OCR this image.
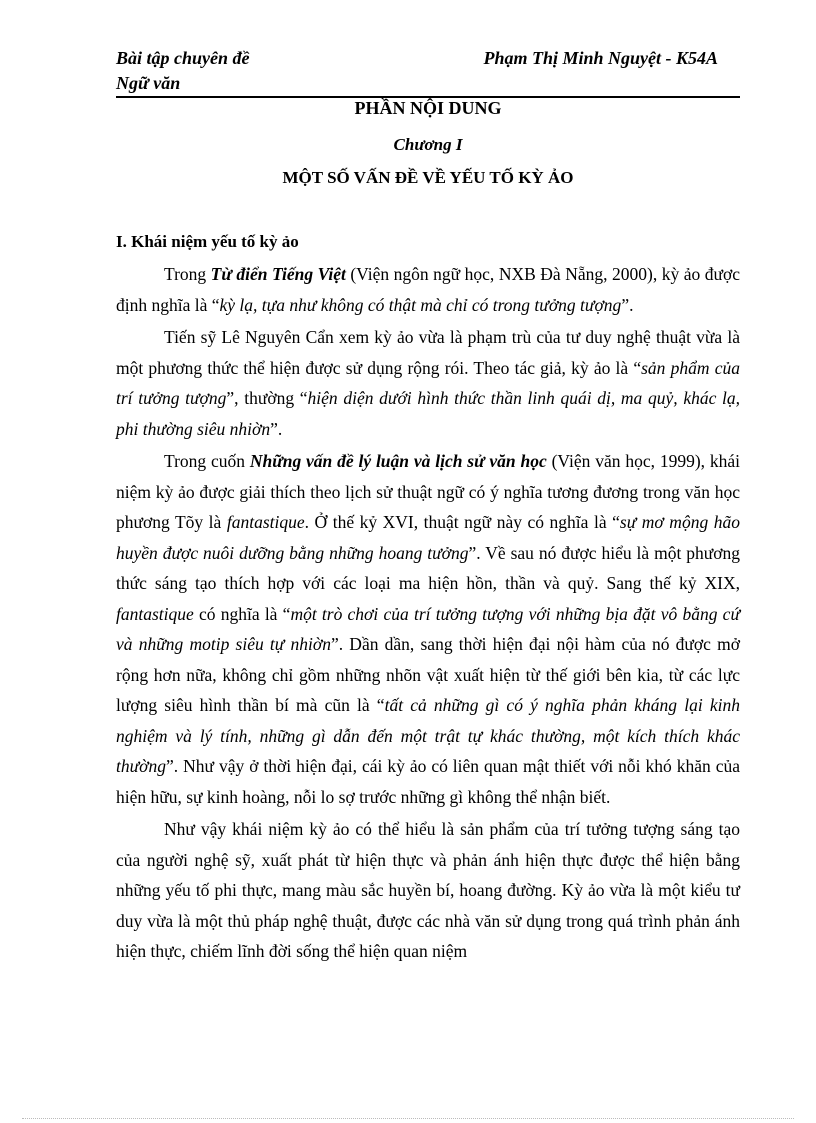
Bài tập chuyên đề
Ngữ văn
Phạm Thị Minh Nguyệt - K54A
PHẦN NỘI DUNG
Chương I
MỘT SỐ VẤN ĐỀ VỀ YẾU TỐ KỲ ẢO
I. Khái niệm yếu tố kỳ ảo

Trong Từ điển Tiếng Việt (Viện ngôn ngữ học, NXB Đà Nẵng, 2000), kỳ ảo được định nghĩa là “kỳ lạ, tựa như không có thật mà chỉ có trong tưởng tượng”.

Tiến sỹ Lê Nguyên Cẩn xem kỳ ảo vừa là phạm trù của tư duy nghệ thuật vừa là một phương thức thể hiện được sử dụng rộng rói. Theo tác giả, kỳ ảo là “sản phẩm của trí tưởng tượng”, thường “hiện diện dưới hình thức thần linh quái dị, ma quỷ, khác lạ, phi thường siêu nhiờn”.

Trong cuốn Những vấn đề lý luận và lịch sử văn học (Viện văn học, 1999), khái niệm kỳ ảo được giải thích theo lịch sử thuật ngữ có ý nghĩa tương đương trong văn học phương Tõy là fantastique. Ở thế kỷ XVI, thuật ngữ này có nghĩa là “sự mơ mộng hão huyền được nuôi dưỡng bằng những hoang tưởng”. Về sau nó được hiểu là một phương thức sáng tạo thích hợp với các loại ma hiện hồn, thần và quỷ. Sang thế kỷ XIX, fantastique có nghĩa là “một trò chơi của trí tưởng tượng với những bịa đặt vô bằng cứ và những motip siêu tự nhiờn”. Dần dần, sang thời hiện đại nội hàm của nó được mở rộng hơn nữa, không chỉ gồm những nhõn vật xuất hiện từ thế giới bên kia, từ các lực lượng siêu hình thần bí mà cũn là “tất cả những gì có ý nghĩa phản kháng lại kinh nghiệm và lý tính, những gì dẫn đến một trật tự khác thường, một kích thích khác thường”. Như vậy ở thời hiện đại, cái kỳ ảo có liên quan mật thiết với nỗi khó khăn của hiện hữu, sự kinh hoàng, nỗi lo sợ trước những gì không thể nhận biết.

Như vậy khái niệm kỳ ảo có thể hiểu là sản phẩm của trí tưởng tượng sáng tạo của người nghệ sỹ, xuất phát từ hiện thực và phản ánh hiện thực được thể hiện bằng những yếu tố phi thực, mang màu sắc huyền bí, hoang đường. Kỳ ảo vừa là một kiểu tư duy vừa là một thủ pháp nghệ thuật, được các nhà văn sử dụng trong quá trình phản ánh hiện thực, chiếm lĩnh đời sống thể hiện quan niệm
